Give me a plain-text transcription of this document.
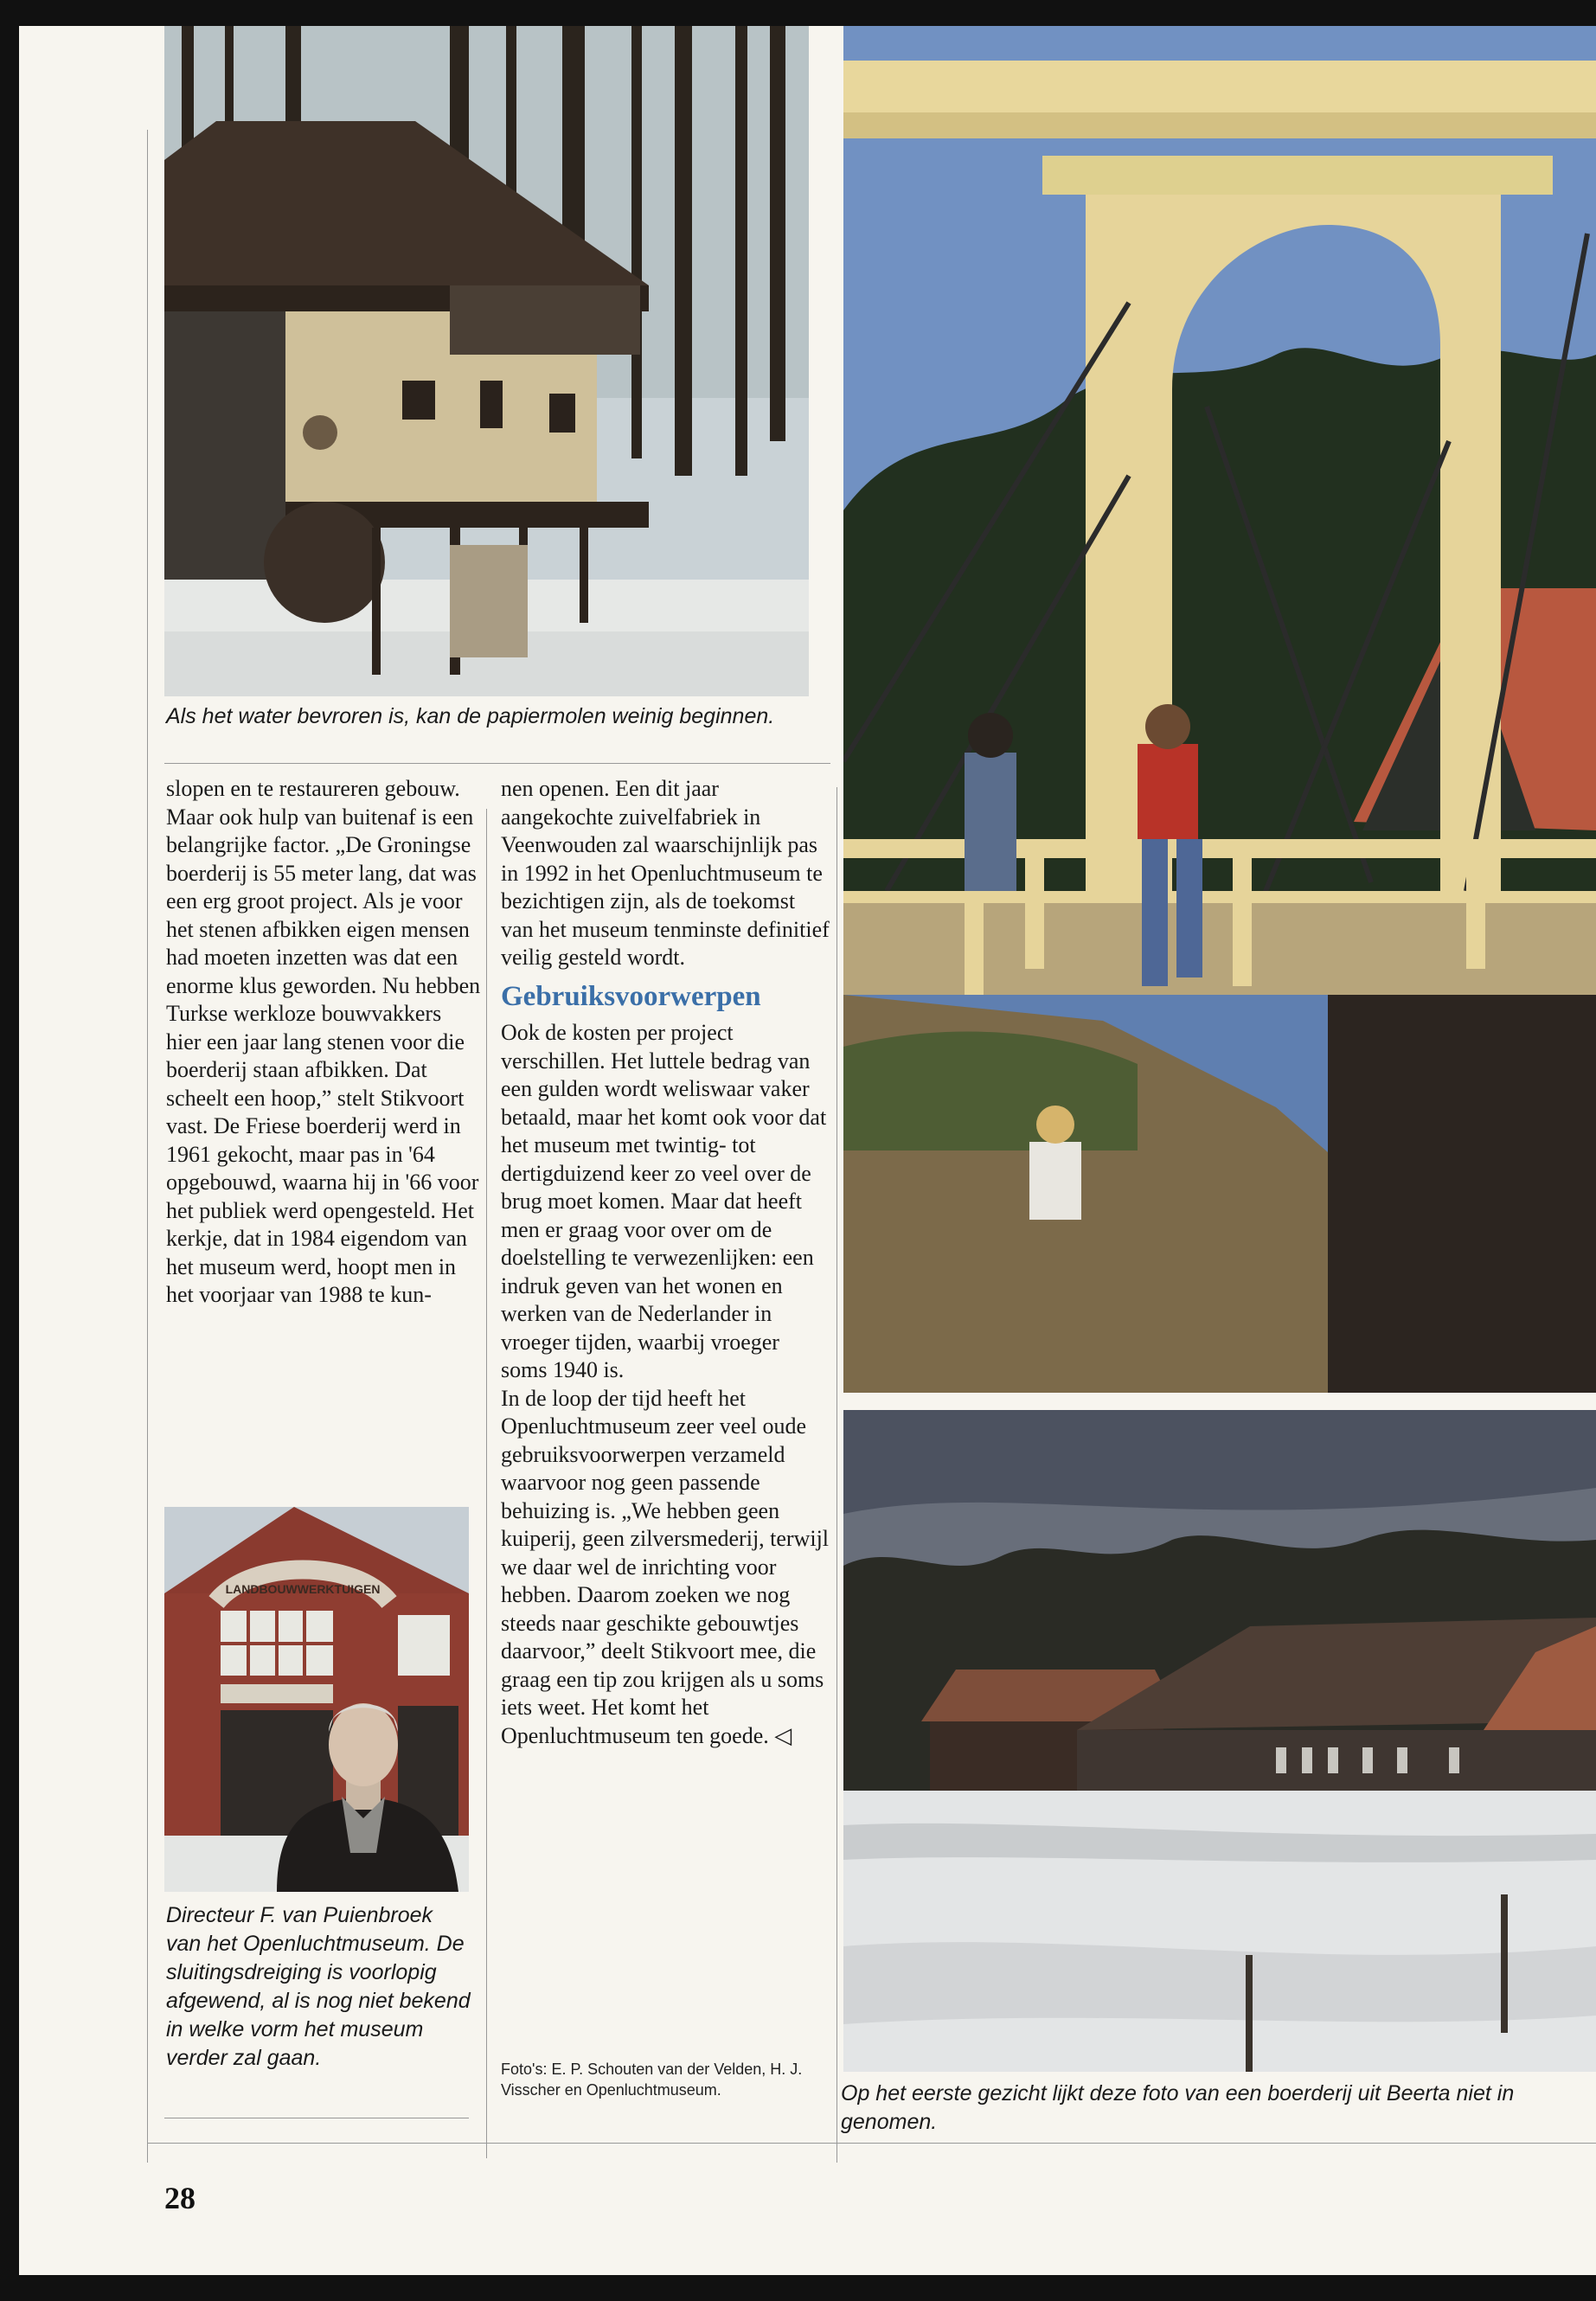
Als het water bevroren is, kan de papiermolen weinig beginnen.

slopen en te restaureren gebouw. Maar ook hulp van buitenaf is een belangrijke factor. „De Groningse boerderij is 55 meter lang, dat was een erg groot project. Als je voor het stenen afbikken eigen mensen had moeten inzetten was dat een enorme klus geworden. Nu hebben Turkse werkloze bouwvakkers hier een jaar lang stenen voor die boerderij staan afbikken. Dat scheelt een hoop,” stelt Stikvoort vast. De Friese boerderij werd in 1961 gekocht, maar pas in '64 opgebouwd, waarna hij in '66 voor het publiek werd opengesteld. Het kerkje, dat in 1984 eigendom van het museum werd, hoopt men in het voorjaar van 1988 te kun-

nen openen. Een dit jaar aangekochte zuivelfabriek in Veenwouden zal waarschijnlijk pas in 1992 in het Openluchtmuseum te bezichtigen zijn, als de toekomst van het museum tenminste definitief veilig gesteld wordt.

Gebruiksvoorwerpen

Ook de kosten per project verschillen. Het luttele bedrag van een gulden wordt weliswaar vaker betaald, maar het komt ook voor dat het museum met twintig- tot dertigduizend keer zo veel over de brug moet komen. Maar dat heeft men er graag voor over om de doelstelling te verwezenlijken: een indruk geven van het wonen en werken van de Nederlander in vroeger tijden, waarbij vroeger soms 1940 is.

In de loop der tijd heeft het Openluchtmuseum zeer veel oude gebruiksvoorwerpen verzameld waarvoor nog geen passende behuizing is. „We hebben geen kuiperij, geen zilversmederij, terwijl we daar wel de inrichting voor hebben. Daarom zoeken we nog steeds naar geschikte gebouwtjes daarvoor,” deelt Stikvoort mee, die graag een tip zou krijgen als u soms iets weet. Het komt het Openluchtmuseum ten goede. ◁

LANDBOUWWERKTUIGEN

Directeur F. van Puienbroek van het Openluchtmuseum. De sluitingsdreiging is voorlopig afgewend, al is nog niet bekend in welke vorm het museum verder zal gaan.	Foto's: E. P. Schouten van der Velden, H. J. Visscher en Openluchtmuseum.	Op het eerste gezicht lijkt deze foto van een boerderij uit Beerta niet in genomen.

28
